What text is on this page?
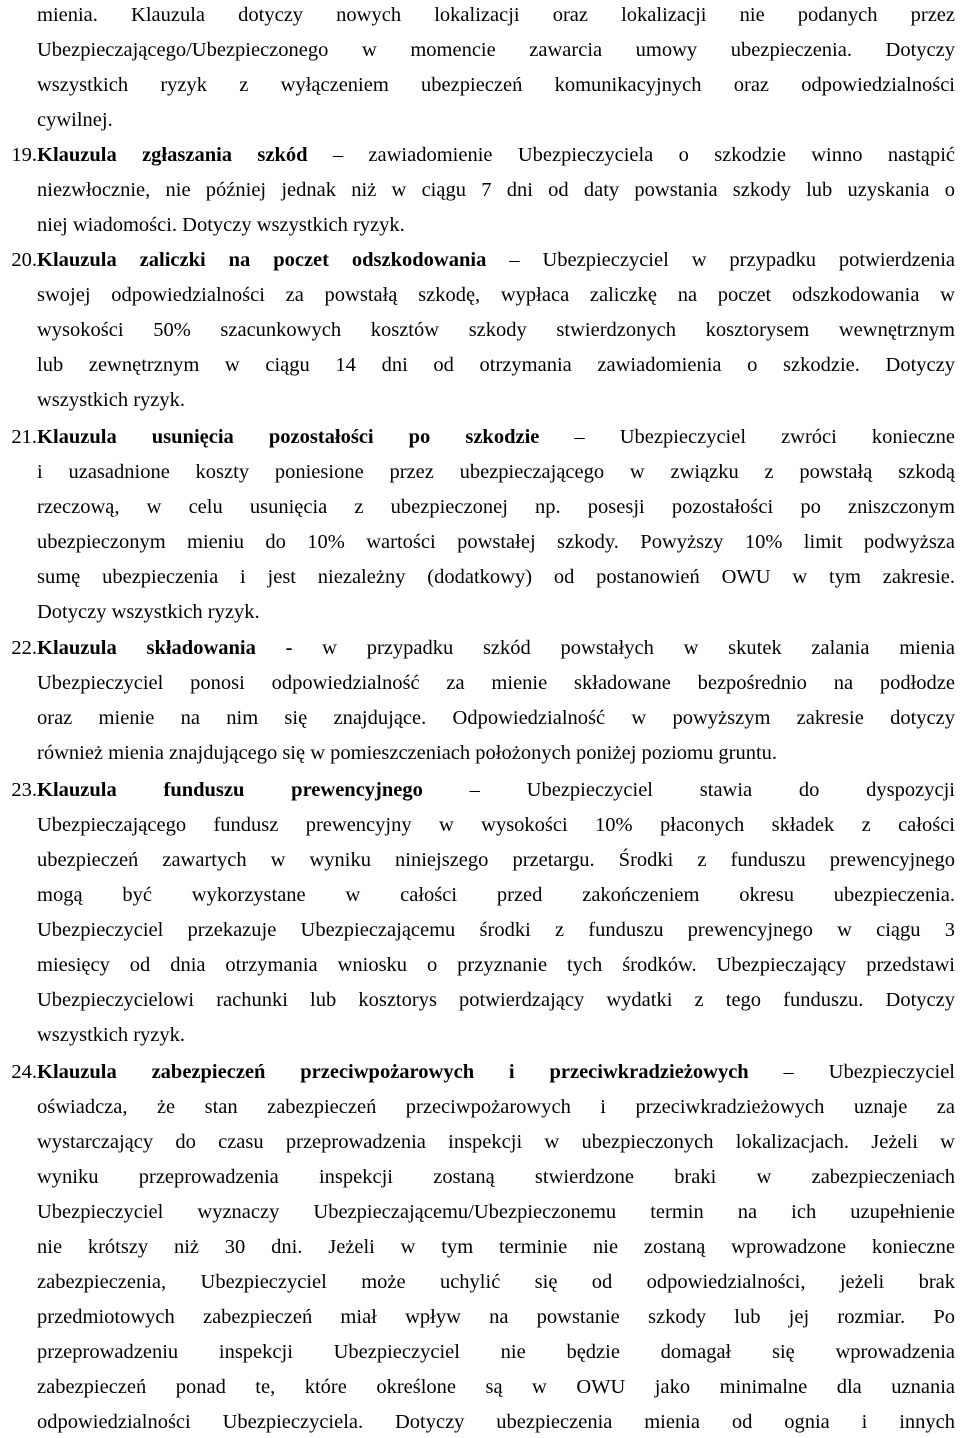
mienia. Klauzula dotyczy nowych lokalizacji oraz lokalizacji nie podanych przez
Ubezpieczającego/Ubezpieczonego w momencie zawarcia umowy ubezpieczenia. Dotyczy
wszystkich ryzyk z wyłączeniem ubezpieczeń komunikacyjnych oraz odpowiedzialności
cywilnej.
19. Klauzula zgłaszania szkód – zawiadomienie Ubezpieczyciela o szkodzie winno nastąpić
niezwłocznie, nie później jednak niż w ciągu 7 dni od daty powstania szkody lub uzyskania o
niej wiadomości. Dotyczy wszystkich ryzyk.
20. Klauzula zaliczki na poczet odszkodowania – Ubezpieczyciel w przypadku potwierdzenia
swojej odpowiedzialności za powstałą szkodę, wypłaca zaliczkę na poczet odszkodowania w
wysokości 50% szacunkowych kosztów szkody stwierdzonych kosztorysem wewnętrznym
lub zewnętrznym w ciągu 14 dni od otrzymania zawiadomienia o szkodzie. Dotyczy
wszystkich ryzyk.
21. Klauzula usunięcia pozostałości po szkodzie – Ubezpieczyciel zwróci konieczne
i uzasadnione koszty poniesione przez ubezpieczającego w związku z powstałą szkodą
rzeczową, w celu usunięcia z ubezpieczonej np. posesji pozostałości po zniszczonym
ubezpieczonym mieniu do 10% wartości powstałej szkody. Powyższy 10% limit podwyższa
sumę ubezpieczenia i jest niezależny (dodatkowy) od postanowień OWU w tym zakresie.
Dotyczy wszystkich ryzyk.
22. Klauzula składowania - w przypadku szkód powstałych w skutek zalania mienia
Ubezpieczyciel ponosi odpowiedzialność za mienie składowane bezpośrednio na podłodze
oraz mienie na nim się znajdujące. Odpowiedzialność w powyższym zakresie dotyczy
również mienia znajdującego się w pomieszczeniach położonych poniżej poziomu gruntu.
23. Klauzula funduszu prewencyjnego – Ubezpieczyciel stawia do dyspozycji
Ubezpieczającego fundusz prewencyjny w wysokości 10% płaconych składek z całości
ubezpieczeń zawartych w wyniku niniejszego przetargu. Środki z funduszu prewencyjnego
mogą być wykorzystane w całości przed zakończeniem okresu ubezpieczenia.
Ubezpieczyciel przekazuje Ubezpieczającemu środki z funduszu prewencyjnego w ciągu 3
miesięcy od dnia otrzymania wniosku o przyznanie tych środków. Ubezpieczający przedstawi
Ubezpieczycielowi rachunki lub kosztorys potwierdzający wydatki z tego funduszu. Dotyczy
wszystkich ryzyk.
24. Klauzula zabezpieczeń przeciwpożarowych i przeciwkradzieżowych – Ubezpieczyciel
oświadcza, że stan zabezpieczeń przeciwpożarowych i przeciwkradzieżowych uznaje za
wystarczający do czasu przeprowadzenia inspekcji w ubezpieczonych lokalizacjach. Jeżeli w
wyniku przeprowadzenia inspekcji zostaną stwierdzone braki w zabezpieczeniach
Ubezpieczyciel wyznaczy Ubezpieczającemu/Ubezpieczonemu termin na ich uzupełnienie
nie krótszy niż 30 dni. Jeżeli w tym terminie nie zostaną wprowadzone konieczne
zabezpieczenia, Ubezpieczyciel może uchylić się od odpowiedzialności, jeżeli brak
przedmiotowych zabezpieczeń miał wpływ na powstanie szkody lub jej rozmiar. Po
przeprowadzeniu inspekcji Ubezpieczyciel nie będzie domagał się wprowadzenia
zabezpieczeń ponad te, które określone są w OWU jako minimalne dla uznania
odpowiedzialności Ubezpieczyciela. Dotyczy ubezpieczenia mienia od ognia i innych
